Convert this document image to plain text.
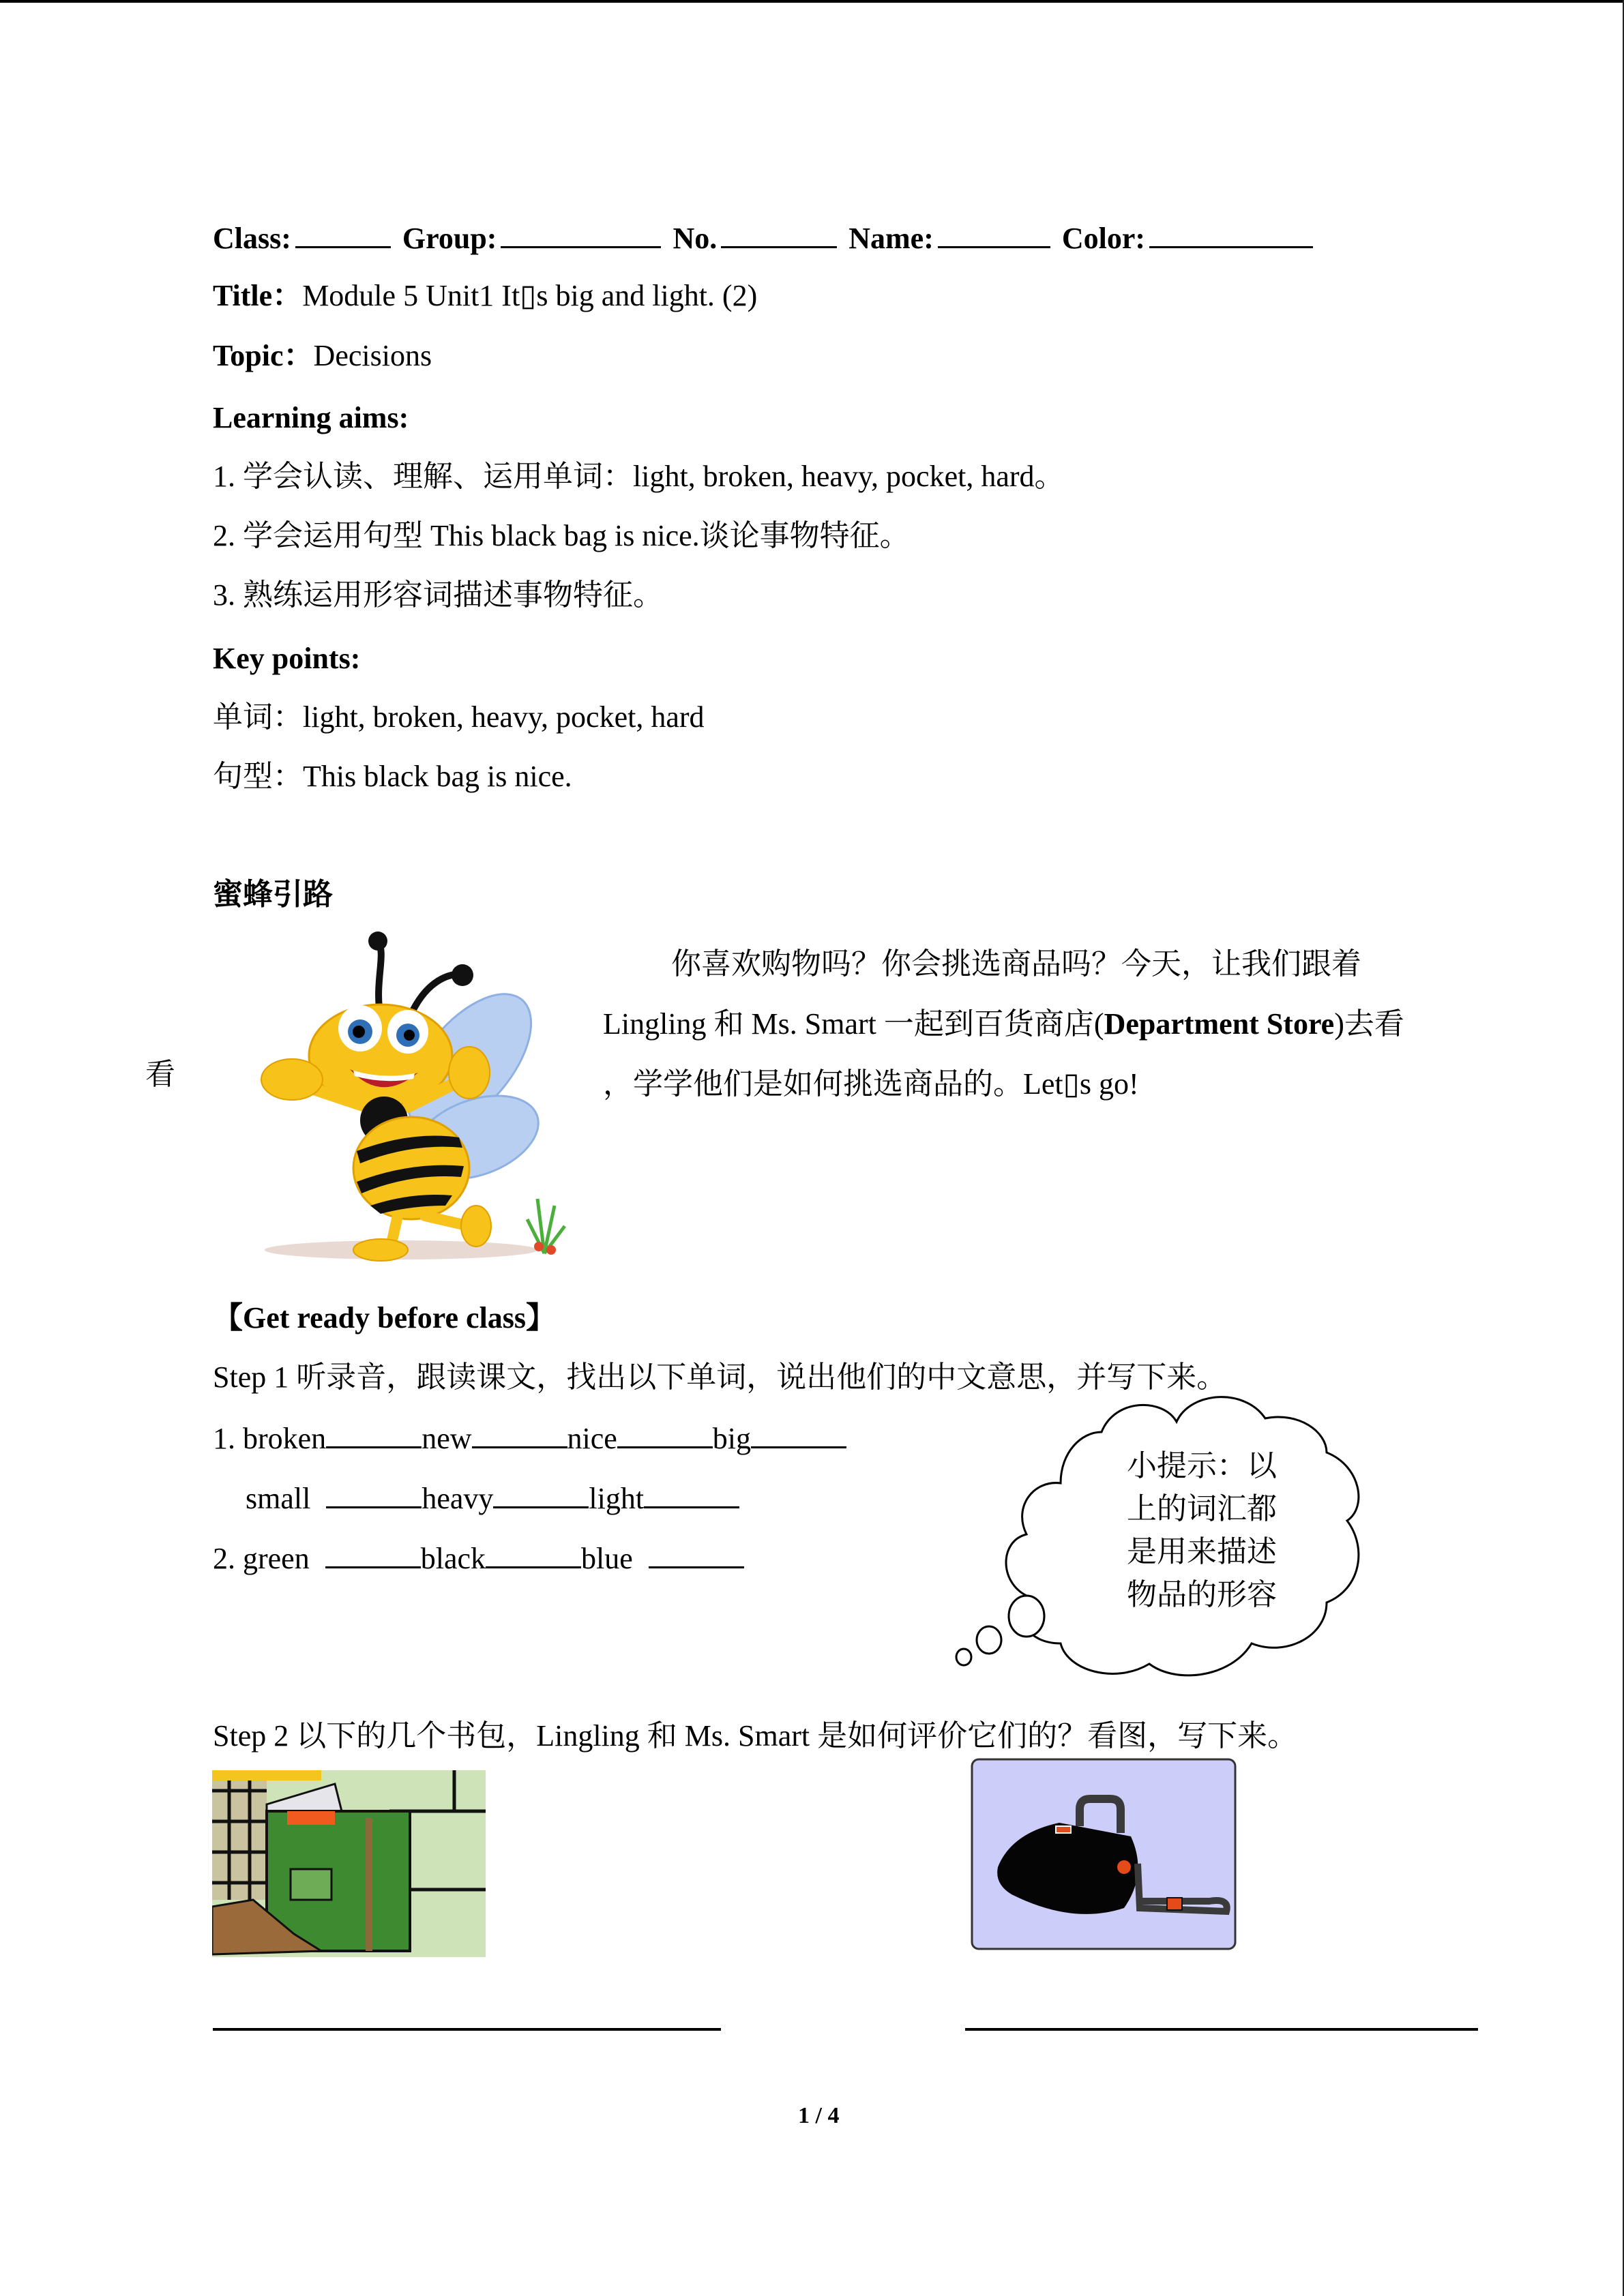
Class:	Group:	No.	Name:	Color:
Title：Module 5 Unit1 It▯s big and light. (2)
Topic：Decisions
Learning aims:
1. 学会认读、理解、运用单词：light, broken, heavy, pocket, hard。
2. 学会运用句型 This black bag is nice.谈论事物特征。
3. 熟练运用形容词描述事物特征。
Key points:
单词：light, broken, heavy, pocket, hard
句型：This black bag is nice.
蜜蜂引路
看

你喜欢购物吗？你会挑选商品吗？今天，让我们跟着

Lingling 和 Ms. Smart 一起到百货商店(Department Store)去看

，学学他们是如何挑选商品的。Let▯s go!

【Get ready before class】
Step 1 听录音，跟读课文，找出以下单词，说出他们的中文意思，并写下来。
1. broken	new	nice	big
small	heavy	light
2. green	black	blue
小提示：以
上的词汇都
是用来描述
物品的形容
Step 2 以下的几个书包，Lingling 和 Ms. Smart 是如何评价它们的？看图，写下来。
1 / 4
